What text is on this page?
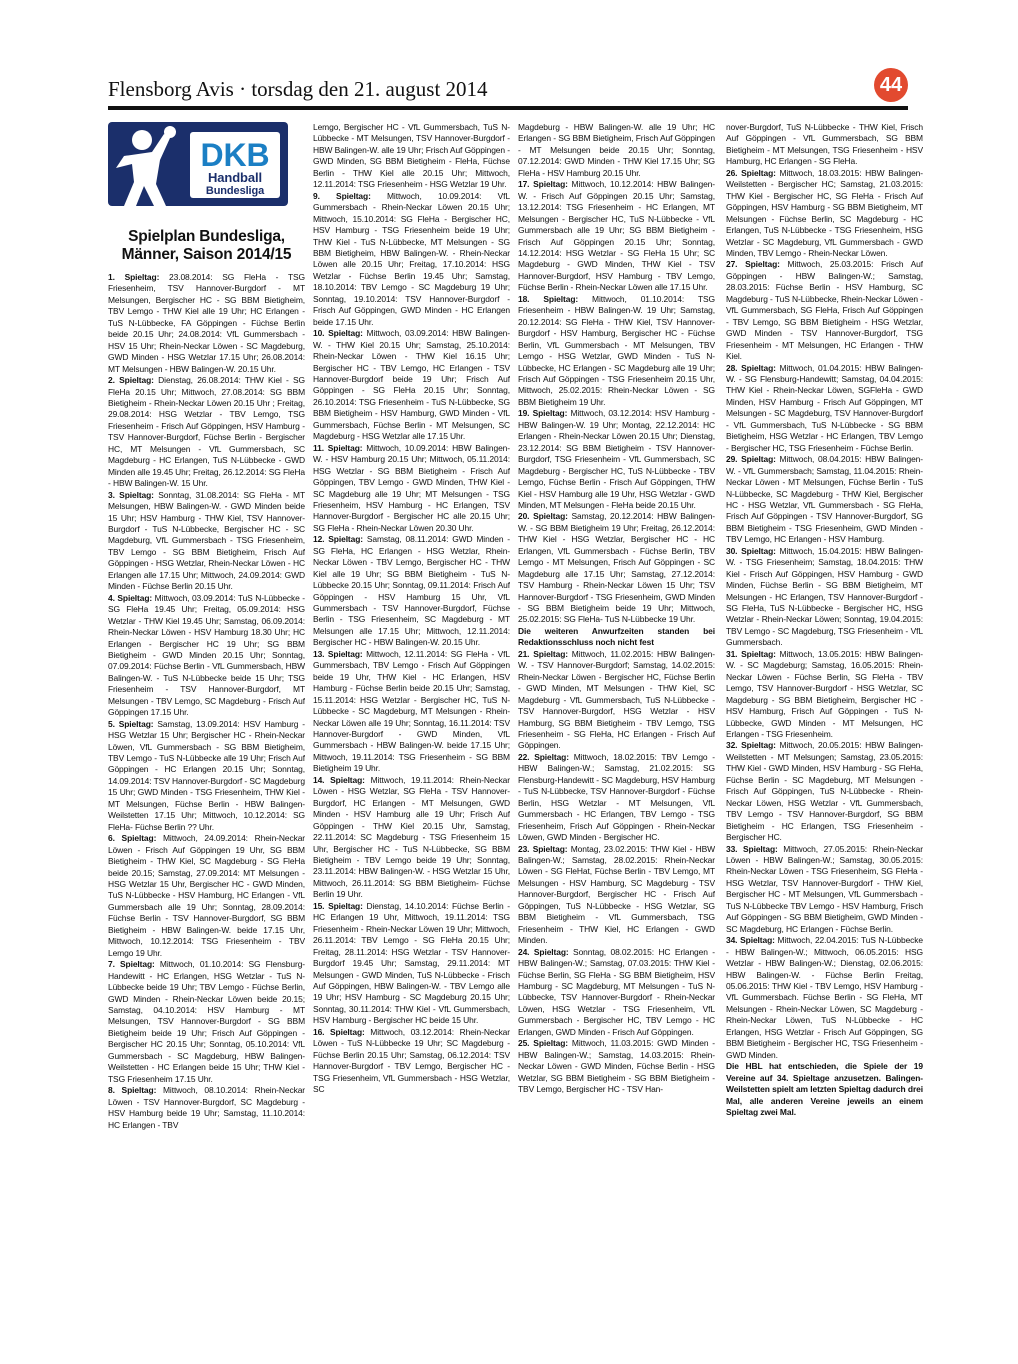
Flensborg Avis · torsdag den 21. august 2014	44
DKB
Handball
Bundesliga
Spielplan Bundesliga,
Männer, Saison 2014/15

1. Spieltag: 23.08.2014: SG FleHa - TSG Friesenheim, TSV Hannover-Burgdorf - MT Melsungen, Bergischer HC - SG BBM Bietigheim, TBV Lemgo - THW Kiel alle 19 Uhr; HC Erlangen - TuS N-Lübbecke, FA Göppingen - Füchse Berlin beide 20.15 Uhr; 24.08.2014: VfL Gummersbach - HSV 15 Uhr; Rhein-Neckar Löwen - SC Magdeburg, GWD Minden - HSG Wetzlar 17.15 Uhr; 26.08.2014: MT Melsungen - HBW Balingen-W. 20.15 Uhr.

2. Spieltag: Dienstag, 26.08.2014: THW Kiel - SG FleHa 20.15 Uhr; Mittwoch, 27.08.2014: SG BBM Bietigheim - Rhein-Neckar Löwen 20.15 Uhr ; Freitag, 29.08.2014: HSG Wetzlar - TBV Lemgo, TSG Friesenheim - Frisch Auf Göppingen, HSV Hamburg - TSV Hannover-Burgdorf, Füchse Berlin - Bergischer HC, MT Melsungen - VfL Gummersbach, SC Magdeburg - HC Erlangen, TuS N-Lübbecke - GWD Minden alle 19.45 Uhr; Freitag, 26.12.2014: SG FleHa - HBW Balingen-W. 15 Uhr.

3. Spieltag: Sonntag, 31.08.2014: SG FleHa - MT Melsungen, HBW Balingen-W. - GWD Minden beide 15 Uhr; HSV Hamburg - THW Kiel, TSV Hannover-Burgdorf - TuS N-Lübbecke, Bergischer HC - SC Magdeburg, VfL Gummersbach - TSG Friesenheim, TBV Lemgo - SG BBM Bietigheim, Frisch Auf Göppingen - HSG Wetzlar, Rhein-Neckar Löwen - HC Erlangen alle 17.15 Uhr; Mittwoch, 24.09.2014: GWD Minden - Füchse Berlin 20.15 Uhr.

4. Spieltag: Mittwoch, 03.09.2014: TuS N-Lübbecke - SG FleHa 19.45 Uhr; Freitag, 05.09.2014: HSG Wetzlar - THW Kiel 19.45 Uhr; Samstag, 06.09.2014: Rhein-Neckar Löwen - HSV Hamburg 18.30 Uhr; HC Erlangen - Bergischer HC 19 Uhr; SG BBM Bietigheim - GWD Minden 20.15 Uhr; Sonntag, 07.09.2014: Füchse Berlin - VfL Gummersbach, HBW Balingen-W. - TuS N-Lübbecke beide 15 Uhr; TSG Friesenheim - TSV Hannover-Burgdorf, MT Melsungen - TBV Lemgo, SC Magdeburg - Frisch Auf Göppingen 17.15 Uhr.

5. Spieltag: Samstag, 13.09.2014: HSV Hamburg - HSG Wetzlar 15 Uhr; Bergischer HC - Rhein-Neckar Löwen, VfL Gummersbach - SG BBM Bietigheim, TBV Lemgo - TuS N-Lübbecke alle 19 Uhr; Frisch Auf Göppingen - HC Erlangen 20.15 Uhr; Sonntag, 14.09.2014: TSV Hannover-Burgdorf - SC Magdeburg 15 Uhr; GWD Minden - TSG Friesenheim, THW Kiel - MT Melsungen, Füchse Berlin - HBW Balingen-Weilstetten 17.15 Uhr; Mittwoch, 10.12.2014: SG FleHa- Füchse Berlin ?? Uhr.

6. Spieltag: Mittwoch, 24.09.2014: Rhein-Neckar Löwen - Frisch Auf Göppingen 19 Uhr, SG BBM Bietigheim - THW Kiel, SC Magdeburg - SG FleHa beide 20.15; Samstag, 27.09.2014: MT Melsungen - HSG Wetzlar 15 Uhr, Bergischer HC - GWD Minden, TuS N-Lübbecke - HSV Hamburg, HC Erlangen - VfL Gummersbach alle 19 Uhr; Sonntag, 28.09.2014: Füchse Berlin - TSV Hannover-Burgdorf, SG BBM Bietigheim - HBW Balingen-W. beide 17.15 Uhr, Mittwoch, 10.12.2014: TSG Friesenheim - TBV Lemgo 19 Uhr.

7. Spieltag: Mittwoch, 01.10.2014: SG Flensburg-Handewitt - HC Erlangen, HSG Wetzlar - TuS N-Lübbecke beide 19 Uhr; TBV Lemgo - Füchse Berlin, GWD Minden - Rhein-Neckar Löwen beide 20.15; Samstag, 04.10.2014: HSV Hamburg - MT Melsungen, TSV Hannover-Burgdorf - SG BBM Bietigheim beide 19 Uhr; Frisch Auf Göppingen - Bergischer HC 20.15 Uhr; Sonntag, 05.10.2014: VfL Gummersbach - SC Magdeburg, HBW Balingen-Weilstetten - HC Erlangen beide 15 Uhr; THW Kiel - TSG Friesenheim 17.15 Uhr.

8. Spieltag: Mittwoch, 08.10.2014: Rhein-Neckar Löwen - TSV Hannover-Burgdorf, SC Magdeburg - HSV Hamburg beide 19 Uhr; Samstag, 11.10.2014: HC Erlangen - TBV

Lemgo, Bergischer HC - VfL Gummersbach, TuS N-Lübbecke - MT Melsungen, TSV Hannover-Burgdorf - HBW Balingen-W. alle 19 Uhr; Frisch Auf Göppingen - GWD Minden, SG BBM Bietigheim - FleHa, Füchse Berlin - THW Kiel alle 20.15 Uhr; Mittwoch, 12.11.2014: TSG Friesenheim - HSG Wetzlar 19 Uhr.

9. Spieltag: Mittwoch, 10.09.2014: VfL Gummersbach - Rhein-Neckar Löwen 20.15 Uhr; Mittwoch, 15.10.2014: SG FleHa - Bergischer HC, HSV Hamburg - TSG Friesenheim beide 19 Uhr; THW Kiel - TuS N-Lübbecke, MT Melsungen - SG BBM Bietigheim, HBW Balingen-W. - Rhein-Neckar Löwen alle 20.15 Uhr; Freitag, 17.10.2014: HSG Wetzlar - Füchse Berlin 19.45 Uhr; Samstag, 18.10.2014: TBV Lemgo - SC Magdeburg 19 Uhr; Sonntag, 19.10.2014: TSV Hannover-Burgdorf - Frisch Auf Göppingen, GWD Minden - HC Erlangen beide 17.15 Uhr.

10. Spieltag: Mittwoch, 03.09.2014: HBW Balingen-W. - THW Kiel 20.15 Uhr; Samstag, 25.10.2014: Rhein-Neckar Löwen - THW Kiel 16.15 Uhr; Bergischer HC - TBV Lemgo, HC Erlangen - TSV Hannover-Burgdorf beide 19 Uhr; Frisch Auf Göppingen - SG FleHa 20.15 Uhr; Sonntag, 26.10.2014: TSG Friesenheim - TuS N-Lübbecke, SG BBM Bietigheim - HSV Hamburg, GWD Minden - VfL Gummersbach, Füchse Berlin - MT Melsungen, SC Magdeburg - HSG Wetzlar alle 17.15 Uhr.

11. Spieltag: Mittwoch, 10.09.2014: HBW Balingen-W. - HSV Hamburg 20.15 Uhr; Mittwoch, 05.11.2014: HSG Wetzlar - SG BBM Bietigheim - Frisch Auf Göppingen, TBV Lemgo - GWD Minden, THW Kiel - SC Magdeburg alle 19 Uhr; MT Melsungen - TSG Friesenheim, HSV Hamburg - HC Erlangen, TSV Hannover-Burgdorf - Bergischer HC alle 20.15 Uhr; SG FleHa - Rhein-Neckar Löwen 20.30 Uhr.

12. Spieltag: Samstag, 08.11.2014: GWD Minden - SG FleHa, HC Erlangen - HSG Wetzlar, Rhein-Neckar Löwen - TBV Lemgo, Bergischer HC - THW Kiel alle 19 Uhr; SG BBM Bietigheim - TuS N-Lübbecke 20.15 Uhr; Sonntag, 09.11.2014: Frisch Auf Göppingen - HSV Hamburg 15 Uhr, VfL Gummersbach - TSV Hannover-Burgdorf, Füchse Berlin - TSG Friesenheim, SC Magdeburg - MT Melsungen alle 17.15 Uhr; Mittwoch, 12.11.2014: Bergischer HC - HBW Balingen-W. 20.15 Uhr.

13. Spieltag: Mittwoch, 12.11.2014: SG FleHa - VfL Gummersbach, TBV Lemgo - Frisch Auf Göppingen beide 19 Uhr, THW Kiel - HC Erlangen, HSV Hamburg - Füchse Berlin beide 20.15 Uhr; Samstag, 15.11.2014: HSG Wetzlar - Bergischer HC, TuS N-Lübbecke - SC Magdeburg, MT Melsungen - Rhein-Neckar Löwen alle 19 Uhr; Sonntag, 16.11.2014: TSV Hannover-Burgdorf - GWD Minden, VfL Gummersbach - HBW Balingen-W. beide 17.15 Uhr; Mittwoch, 19.11.2014: TSG Friesenheim - SG BBM Bietigheim 19 Uhr.

14. Spieltag: Mittwoch, 19.11.2014: Rhein-Neckar Löwen - HSG Wetzlar, SG FleHa - TSV Hannover-Burgdorf, HC Erlangen - MT Melsungen, GWD Minden - HSV Hamburg alle 19 Uhr; Frisch Auf Göppingen - THW Kiel 20.15 Uhr, Samstag, 22.11.2014: SC Magdeburg - TSG Friesenheim 15 Uhr, Bergischer HC - TuS N-Lübbecke, SG BBM Bietigheim - TBV Lemgo beide 19 Uhr; Sonntag, 23.11.2014: HBW Balingen-W. - HSG Wetzlar 15 Uhr, Mittwoch, 26.11.2014: SG BBM Bietigheim- Füchse Berlin 19 Uhr.

15. Spieltag: Dienstag, 14.10.2014: Füchse Berlin - HC Erlangen 19 Uhr, Mittwoch, 19.11.2014: TSG Friesenheim - Rhein-Neckar Löwen 19 Uhr; Mittwoch, 26.11.2014: TBV Lemgo - SG FleHa 20.15 Uhr; Freitag, 28.11.2014: HSG Wetzlar - TSV Hannover-Burgdorf 19.45 Uhr; Samstag, 29.11.2014: MT Melsungen - GWD Minden, TuS N-Lübbecke - Frisch Auf Göppingen, HBW Balingen-W. - TBV Lemgo alle 19 Uhr; HSV Hamburg - SC Magdeburg 20.15 Uhr; Sonntag, 30.11.2014: THW Kiel - VfL Gummersbach, HSV Hamburg - Bergischer HC beide 15 Uhr.

16. Spieltag: Mittwoch, 03.12.2014: Rhein-Neckar Löwen - TuS N-Lübbecke 19 Uhr; SC Magdeburg - Füchse Berlin 20.15 Uhr; Samstag, 06.12.2014: TSV Hannover-Burgdorf - TBV Lemgo, Bergischer HC - TSG Friesenheim, VfL Gummersbach - HSG Wetzlar, SC

Magdeburg - HBW Balingen-W. alle 19 Uhr; HC Erlangen - SG BBM Bietigheim, Frisch Auf Göppingen - MT Melsungen beide 20.15 Uhr; Sonntag, 07.12.2014: GWD Minden - THW Kiel 17.15 Uhr; SG FleHa - HSV Hamburg 20.15 Uhr.

17. Spieltag: Mittwoch, 10.12.2014: HBW Balingen-W. - Frisch Auf Göppingen 20.15 Uhr; Samstag, 13.12.2014: TSG Friesenheim - HC Erlangen, MT Melsungen - Bergischer HC, TuS N-Lübbecke - VfL Gummersbach alle 19 Uhr; SG BBM Bietigheim - Frisch Auf Göppingen 20.15 Uhr; Sonntag, 14.12.2014: HSG Wetzlar - SG FleHa 15 Uhr; SC Magdeburg - GWD Minden, THW Kiel - TSV Hannover-Burgdorf, HSV Hamburg - TBV Lemgo, Füchse Berlin - Rhein-Neckar Löwen alle 17.15 Uhr.

18. Spieltag: Mittwoch, 01.10.2014: TSG Friesenheim - HBW Balingen-W. 19 Uhr; Samstag, 20.12.2014: SG FleHa - THW Kiel, TSV Hannover-Burgdorf - HSV Hamburg, Bergischer HC - Füchse Berlin, VfL Gummersbach - MT Melsungen, TBV Lemgo - HSG Wetzlar, GWD Minden - TuS N-Lübbecke, HC Erlangen - SC Magdeburg alle 19 Uhr; Frisch Auf Göppingen - TSG Friesenheim 20.15 Uhr, Mittwoch, 25.02.2015: Rhein-Neckar Löwen - SG BBM Bietigheim 19 Uhr.

19. Spieltag: Mittwoch, 03.12.2014: HSV Hamburg - HBW Balingen-W. 19 Uhr; Montag, 22.12.2014: HC Erlangen - Rhein-Neckar Löwen 20.15 Uhr; Dienstag, 23.12.2014: SG BBM Bietigheim - TSV Hannover-Burgdorf, TSG Friesenheim - VfL Gummersbach, SC Magdeburg - Bergischer HC, TuS N-Lübbecke - TBV Lemgo, Füchse Berlin - Frisch Auf Göppingen, THW Kiel - HSV Hamburg alle 19 Uhr, HSG Wetzlar - GWD Minden, MT Melsungen - FleHa beide 20.15 Uhr.

20. Spieltag: Samstag, 20.12.2014: HBW Balingen-W. - SG BBM Bietigheim 19 Uhr; Freitag, 26.12.2014: THW Kiel - HSG Wetzlar, Bergischer HC - HC Erlangen, VfL Gummersbach - Füchse Berlin, TBV Lemgo - MT Melsungen, Frisch Auf Göppingen - SC Magdeburg alle 17.15 Uhr; Samstag, 27.12.2014: TSV Hamburg - Rhein-Neckar Löwen 15 Uhr; TSV Hannover-Burgdorf - TSG Friesenheim, GWD Minden - SG BBM Bietigheim beide 19 Uhr; Mittwoch, 25.02.2015: SG FleHa- TuS N-Lübbecke 19 Uhr.

Die weiteren Anwurfzeiten standen bei Redaktionsschluss noch nicht fest

21. Spieltag: Mittwoch, 11.02.2015: HBW Balingen-W. - TSV Hannover-Burgdorf; Samstag, 14.02.2015: Rhein-Neckar Löwen - Bergischer HC, Füchse Berlin - GWD Minden, MT Melsungen - THW Kiel, SC Magdeburg - VfL Gummersbach, TuS N-Lübbecke - TSV Hannover-Burgdorf, HSG Wetzlar - HSV Hamburg, SG BBM Bietigheim - TBV Lemgo, TSG Friesenheim - SG FleHa, HC Erlangen - Frisch Auf Göppingen.

22. Spieltag: Mittwoch, 18.02.2015: TBV Lemgo - HBW Balingen-W.; Samstag, 21.02.2015: SG Flensburg-Handewitt - SC Magdeburg, HSV Hamburg - TuS N-Lübbecke, TSV Hannover-Burgdorf - Füchse Berlin, HSG Wetzlar - MT Melsungen, VfL Gummersbach - HC Erlangen, TBV Lemgo - TSG Friesenheim, Frisch Auf Göppingen - Rhein-Neckar Löwen, GWD Minden - Bergischer HC.

23. Spieltag: Montag, 23.02.2015: THW Kiel - HBW Balingen-W.; Samstag, 28.02.2015: Rhein-Neckar Löwen - SG FleHat, Füchse Berlin - TBV Lemgo, MT Melsungen - HSV Hamburg, SC Magdeburg - TSV Hannover-Burgdorf, Bergischer HC - Frisch Auf Göppingen, TuS N-Lübbecke - HSG Wetzlar, SG BBM Bietigheim - VfL Gummersbach, TSG Friesenheim - THW Kiel, HC Erlangen - GWD Minden.

24. Spieltag: Sonntag, 08.02.2015: HC Erlangen - HBW Balingen-W.; Samstag, 07.03.2015: THW Kiel - Füchse Berlin, SG FleHa - SG BBM Bietigheim, HSV Hamburg - SC Magdeburg, MT Melsungen - TuS N-Lübbecke, TSV Hannover-Burgdorf - Rhein-Neckar Löwen, HSG Wetzlar - TSG Friesenheim, VfL Gummersbach - Bergischer HC, TBV Lemgo - HC Erlangen, GWD Minden - Frisch Auf Göppingen.

25. Spieltag: Mittwoch, 11.03.2015: GWD Minden - HBW Balingen-W.; Samstag, 14.03.2015: Rhein-Neckar Löwen - GWD Minden, Füchse Berlin - HSG Wetzlar, SG BBM Bietigheim - SG BBM Bietigheim - TBV Lemgo, Bergischer HC - TSV Han-

nover-Burgdorf, TuS N-Lübbecke - THW Kiel, Frisch Auf Göppingen - VfL Gummersbach, SG BBM Bietigheim - MT Melsungen, TSG Friesenheim - HSV Hamburg, HC Erlangen - SG FleHa.

26. Spieltag: Mittwoch, 18.03.2015: HBW Balingen-Weilstetten - Bergischer HC; Samstag, 21.03.2015: THW Kiel - Bergischer HC, SG FleHa - Frisch Auf Göppingen, HSV Hamburg - SG BBM Bietigheim, MT Melsungen - Füchse Berlin, SC Magdeburg - HC Erlangen, TuS N-Lübbecke - TSG Friesenheim, HSG Wetzlar - SC Magdeburg, VfL Gummersbach - GWD Minden, TBV Lemgo - Rhein-Neckar Löwen.

27. Spieltag: Mittwoch, 25.03.2015: Frisch Auf Göppingen - HBW Balingen-W.; Samstag, 28.03.2015: Füchse Berlin - HSV Hamburg, SC Magdeburg - TuS N-Lübbecke, Rhein-Neckar Löwen - VfL Gummersbach, SG FleHa, Frisch Auf Göppingen - TBV Lemgo, SG BBM Bietigheim - HSG Wetzlar, GWD Minden - TSV Hannover-Burgdorf, TSG Friesenheim - MT Melsungen, HC Erlangen - THW Kiel.

28. Spieltag: Mittwoch, 01.04.2015: HBW Balingen-W. - SG Flensburg-Handewitt; Samstag, 04.04.2015: THW Kiel - Rhein-Neckar Löwen, SGFleHa - GWD Minden, HSV Hamburg - Frisch Auf Göppingen, MT Melsungen - SC Magdeburg, TSV Hannover-Burgdorf - VfL Gummersbach, TuS N-Lübbecke - SG BBM Bietigheim, HSG Wetzlar - HC Erlangen, TBV Lemgo - Bergischer HC, TSG Friesenheim - Füchse Berlin.

29. Spieltag: Mittwoch, 08.04.2015: HBW Balingen-W. - VfL Gummersbach; Samstag, 11.04.2015: Rhein-Neckar Löwen - MT Melsungen, Füchse Berlin - TuS N-Lübbecke, SC Magdeburg - THW Kiel, Bergischer HC - HSG Wetzlar, VfL Gummersbach - SG FleHa, Frisch Auf Göppingen - TSV Hannover-Burgdorf, SG BBM Bietigheim - TSG Friesenheim, GWD Minden - TBV Lemgo, HC Erlangen - HSV Hamburg.

30. Spieltag: Mittwoch, 15.04.2015: HBW Balingen-W. - TSG Friesenheim; Samstag, 18.04.2015: THW Kiel - Frisch Auf Göppingen, HSV Hamburg - GWD Minden, Füchse Berlin - SG BBM Bietigheim, MT Melsungen - HC Erlangen, TSV Hannover-Burgdorf - SG FleHa, TuS N-Lübbecke - Bergischer HC, HSG Wetzlar - Rhein-Neckar Löwen; Sonntag, 19.04.2015: TBV Lemgo - SC Magdeburg, TSG Friesenheim - VfL Gummersbach.

31. Spieltag: Mittwoch, 13.05.2015: HBW Balingen-W. - SC Magdeburg; Samstag, 16.05.2015: Rhein-Neckar Löwen - Füchse Berlin, SG FleHa - TBV Lemgo, TSV Hannover-Burgdorf - HSG Wetzlar, SC Magdeburg - SG BBM Bietigheim, Bergischer HC - HSV Hamburg, Frisch Auf Göppingen - TuS N-Lübbecke, GWD Minden - MT Melsungen, HC Erlangen - TSG Friesenheim.

32. Spieltag: Mittwoch, 20.05.2015: HBW Balingen-Weilstetten - MT Melsungen; Samstag, 23.05.2015: THW Kiel - GWD Minden, HSV Hamburg - SG FleHa, Füchse Berlin - SC Magdeburg, MT Melsungen - Frisch Auf Göppingen, TuS N-Lübbecke - Rhein-Neckar Löwen, HSG Wetzlar - VfL Gummersbach, TBV Lemgo - TSV Hannover-Burgdorf, SG BBM Bietigheim - HC Erlangen, TSG Friesenheim - Bergischer HC.

33. Spieltag: Mittwoch, 27.05.2015: Rhein-Neckar Löwen - HBW Balingen-W.; Samstag, 30.05.2015: Rhein-Neckar Löwen - TSG Friesenheim, SG FleHa - HSG Wetzlar, TSV Hannover-Burgdorf - THW Kiel, Bergischer HC - MT Melsungen, VfL Gummersbach - TuS N-Lübbecke TBV Lemgo - HSV Hamburg, Frisch Auf Göppingen - SG BBM Bietigheim, GWD Minden - SC Magdeburg, HC Erlangen - Füchse Berlin.

34. Spieltag: Mittwoch, 22.04.2015: TuS N-Lübbecke - HBW Balingen-W.; Mittwoch, 06.05.2015: HSG Wetzlar - HBW Balingen-W.; Dienstag, 02.06.2015: HBW Balingen-W. - Füchse Berlin Freitag, 05.06.2015: THW Kiel - TBV Lemgo, HSV Hamburg - VfL Gummersbach. Füchse Berlin - SG FleHa, MT Melsungen - Rhein-Neckar Löwen, SC Magdeburg - Rhein-Neckar Löwen, TuS N-Lübbecke - HC Erlangen, HSG Wetzlar - Frisch Auf Göppingen, SG BBM Bietigheim - Bergischer HC, TSG Friesenheim - GWD Minden.

Die HBL hat entschieden, die Spiele der 19 Vereine auf 34. Spieltage anzusetzen. Balingen-Weilstetten spielt am letzten Spieltag dadurch drei Mal, alle anderen Vereine jeweils an einem Spieltag zwei Mal.
